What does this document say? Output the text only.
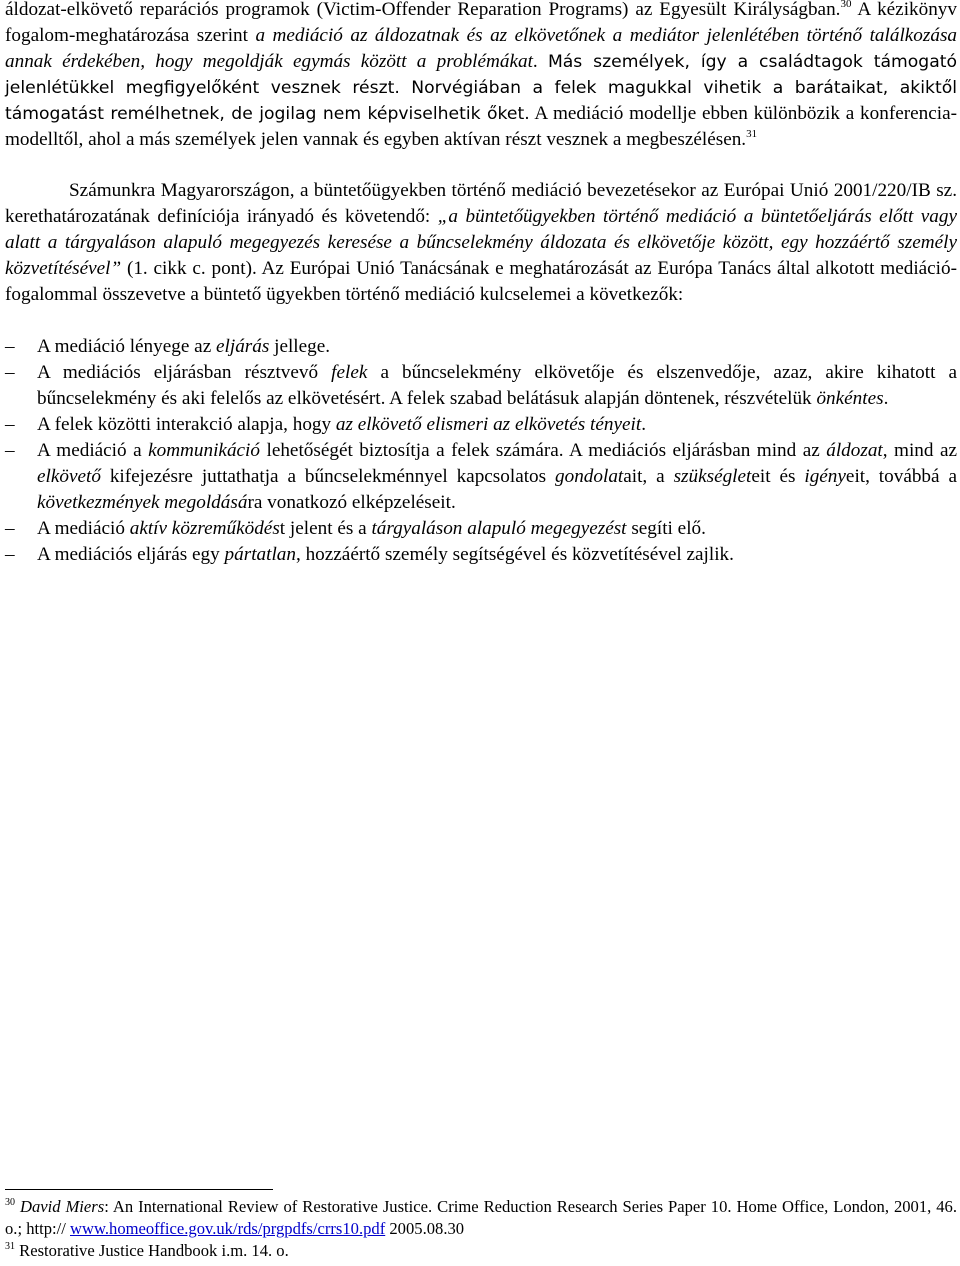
áldozat-elkövető reparációs programok (Victim-Offender Reparation Programs) az Egyesült Királyságban.$^{30}$ A kézikönyv fogalom-meghatározása szerint a mediáció az áldozatnak és az elkövetőnek a mediátor jelenlétében történő találkozása annak érdekében, hogy megoldják egymás között a problémákat. Más személyek, így a családtagok támogató jelenlétükkel megfigyelőként vesznek részt. Norvégiában a felek magukkal vihetik a barátaikat, akiktől támogatást remélhetnek, de jogilag nem képviselhetik őket. A mediáció modellje ebben különbözik a konferencia-modelltől, ahol a más személyek jelen vannak és egyben aktívan részt vesznek a megbeszélésen.$^{31}$

Számunkra Magyarországon, a büntetőügyekben történő mediáció bevezetésekor az Európai Unió 2001/220/IB sz. kerethatározatának definíciója irányadó és követendő: „a büntetőügyekben történő mediáció a büntetőeljárás előtt vagy alatt a tárgyaláson alapuló megegyezés keresése a bűncselekmény áldozata és elkövetője között, egy hozzáértő személy közvetítésével” (1. cikk c. pont). Az Európai Unió Tanácsának e meghatározását az Európa Tanács által alkotott mediáció-fogalommal összevetve a büntető ügyekben történő mediáció kulcselemei a következők:

– A mediáció lényege az eljárás jellege.
– A mediációs eljárásban résztvevő felek a bűncselekmény elkövetője és elszenvedője, azaz, akire kihatott a bűncselekmény és aki felelős az elkövetésért. A felek szabad belátásuk alapján döntenek, részvételük önkéntes.
– A felek közötti interakció alapja, hogy az elkövető elismeri az elkövetés tényeit.
– A mediáció a kommunikáció lehetőségét biztosítja a felek számára. A mediációs eljárásban mind az áldozat, mind az elkövető kifejezésre juttathatja a bűncselekménnyel kapcsolatos gondolatait, a szükségleteit és igényeit, továbbá a következmények megoldására vonatkozó elképzeléseit.
– A mediáció aktív közreműködést jelent és a tárgyaláson alapuló megegyezést segíti elő.
– A mediációs eljárás egy pártatlan, hozzáértő személy segítségével és közvetítésével zajlik.
$^{30}$ David Miers: An International Review of Restorative Justice. Crime Reduction Research Series Paper 10. Home Office, London, 2001, 46. o.; http:// www.homeoffice.gov.uk/rds/prgpdfs/crrs10.pdf 2005.08.30
$^{31}$ Restorative Justice Handbook i.m. 14. o.
